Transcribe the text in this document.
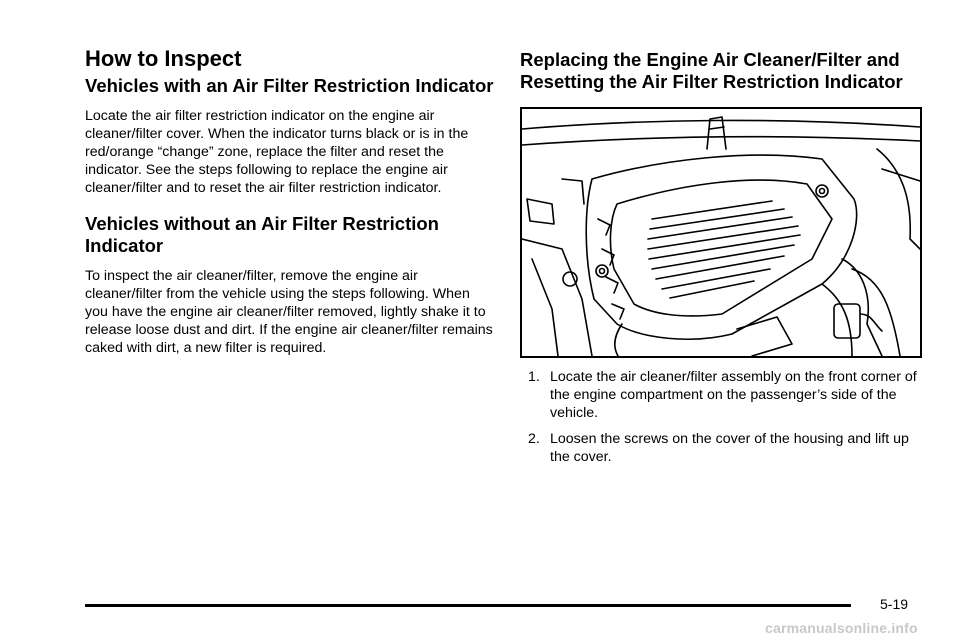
How to Inspect
Vehicles with an Air Filter Restriction Indicator

Locate the air filter restriction indicator on the engine air cleaner/filter cover. When the indicator turns black or is in the red/orange “change” zone, replace the filter and reset the indicator. See the steps following to replace the engine air cleaner/filter and to reset the air filter restriction indicator.

Vehicles without an Air Filter Restriction Indicator

To inspect the air cleaner/filter, remove the engine air cleaner/filter from the vehicle using the steps following. When you have the engine air cleaner/filter removed, lightly shake it to release loose dust and dirt. If the engine air cleaner/filter remains caked with dirt, a new filter is required.

Replacing the Engine Air Cleaner/Filter and Resetting the Air Filter Restriction Indicator
1. Locate the air cleaner/filter assembly on the front corner of the engine compartment on the passenger’s side of the vehicle.
2. Loosen the screws on the cover of the housing and lift up the cover.
5-19
carmanualsonline.info
